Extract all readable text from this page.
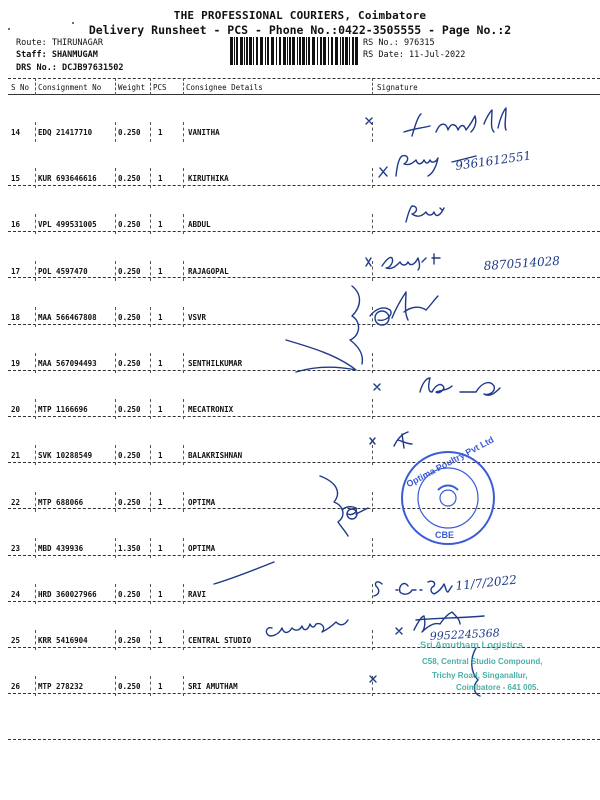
THE PROFESSIONAL COURIERS, Coimbatore
Delivery Runsheet - PCS - Phone No.:0422-3505555 - Page No.:2
Route: THIRUNAGAR
Staff: SHANMUGAM
DRS No.: DCJB97631502
RS No.: 976315
RS Date: 11-Jul-2022
S No Consignment No Weight PCS	Consignee Details	Signature
14 EDQ 21417710	0.250 1	VANITHA
15 KUR 693646616	0.250 1	KIRUTHIKA
16 VPL 499531005	0.250 1	ABDUL
17 POL 4597470	0.250 1	RAJAGOPAL
18 MAA 566467808	0.250 1	VSVR
19 MAA 567094493	0.250 1	SENTHILKUMAR
20 MTP 1166696	0.250 1	MECATRONIX
21 SVK 10288549	0.250 1	BALAKRISHNAN
22 MTP 688066	0.250 1	OPTIMA
23 MBD 439936	1.350 1	OPTIMA
24 HRD 360027966	0.250 1	RAVI
25 KRR 5416904	0.250 1	CENTRAL STUDIO
26 MTP 278232	0.250 1	SRI AMUTHAM
Optima Poultry Pvt Ltd
CBE
Sri Amutham Logistics
C58, Central Studio Compound,
Trichy Road, Singanallur,
Coimbatore - 641 005.
9361612551
8870514028
11/7/2022
9952245368
